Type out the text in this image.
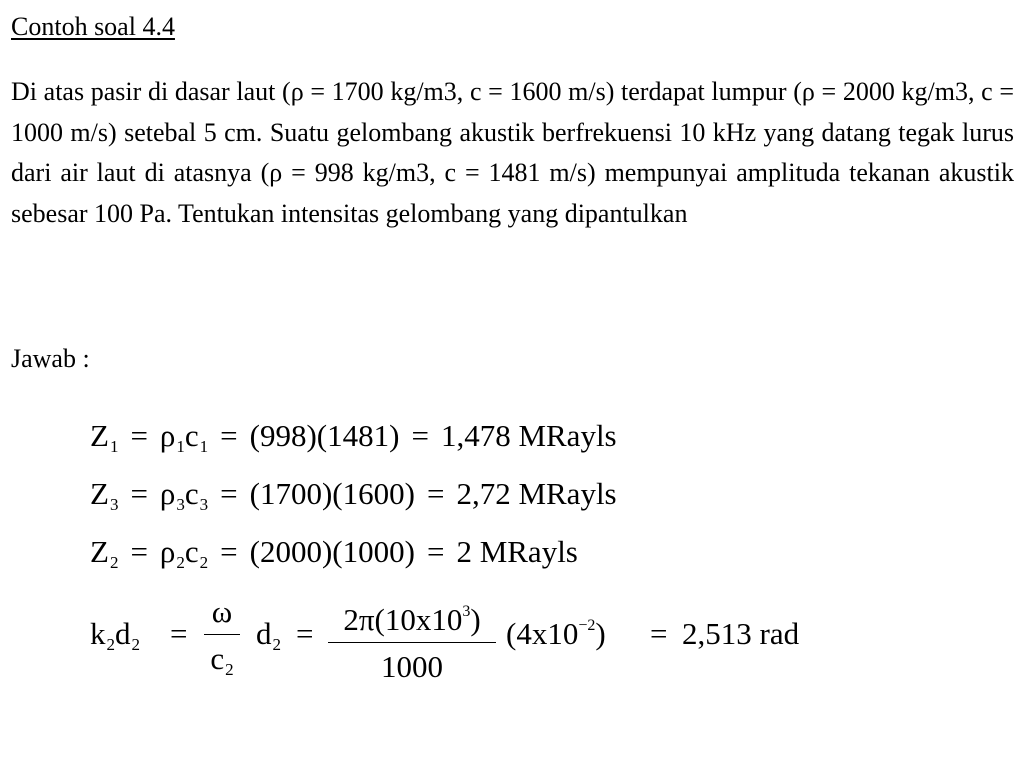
Contoh soal 4.4

Di atas pasir di dasar laut (ρ = 1700 kg/m3, c = 1600 m/s) terdapat lumpur (ρ = 2000 kg/m3, c = 1000 m/s) setebal 5 cm. Suatu gelombang akustik berfrekuensi 10 kHz yang datang tegak lurus dari air laut di atasnya (ρ = 998 kg/m3, c = 1481 m/s) mempunyai amplituda tekanan akustik sebesar 100 Pa. Tentukan intensitas gelombang yang dipantulkan

Jawab :
$Z_1 = \rho_1c_1 = (998)(1481) = 1,478$ MRayls
$Z_3 = \rho_3c_3 = (1700)(1600) = 2,72$ MRayls
$Z_2 = \rho_2c_2 = (2000)(1000) = 2$ MRayls
$k_2d_2$ =
ω
$c_2$
$d_2 = 2\pi(10x10^3)$
1000
$(4x10^{-2}) = 2,513$ rad
